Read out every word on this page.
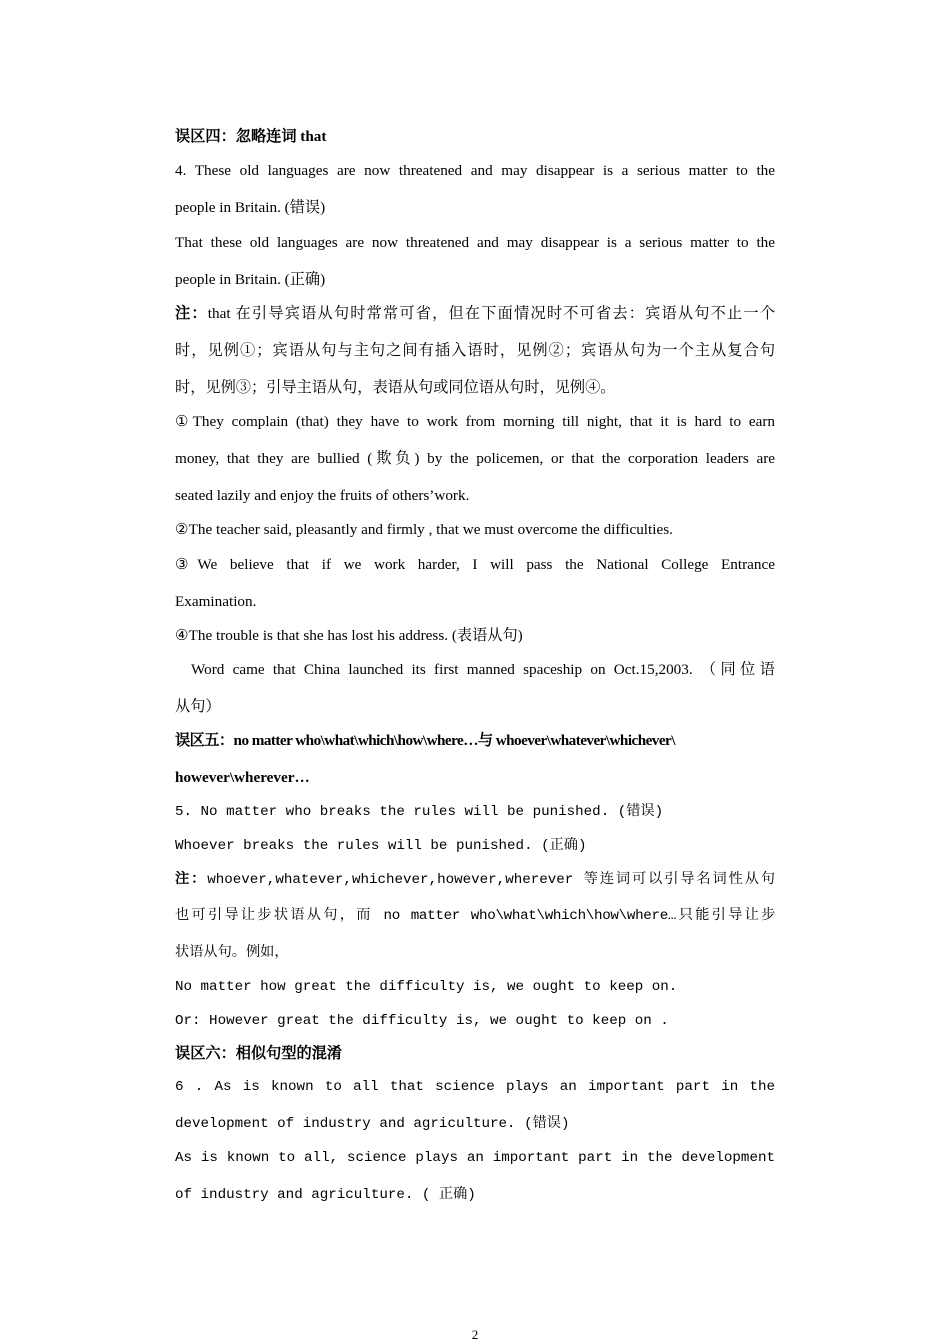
误区四：忽略连词 that
4. These old languages are now threatened and may disappear is a serious matter to the
people in Britain. (错误)
That these old languages are now threatened and may disappear is a serious matter to the
people in Britain. (正确)
注：that 在引导宾语从句时常常可省，但在下面情况时不可省去：宾语从句不止一个
时，见例①；宾语从句与主句之间有插入语时，见例②；宾语从句为一个主从复合句
时，见例③；引导主语从句，表语从句或同位语从句时，见例④。
①They complain (that) they have to work from morning till night, that it is hard to earn
money, that they are bullied (欺负) by the policemen, or that the corporation leaders are
seated lazily and enjoy the fruits of others’work.
②The teacher said, pleasantly and firmly , that we must overcome the difficulties.
③We believe that if we work harder, I will pass the National College Entrance
Examination.
④The trouble is that she has lost his address. (表语从句)
Word came that China launched its first manned spaceship on Oct.15,2003. （同位语
从句）
误区五：no matter who\what\which\how\where…与 whoever\whatever\whichever\
however\wherever…
5. No matter who breaks the rules will be punished. (错误)
Whoever breaks the rules will be punished. (正确)
注：whoever,whatever,whichever,however,wherever 等连词可以引导名词性从句
也可引导让步状语从句，而 no matter who\what\which\how\where…只能引导让步
状语从句。例如，
No matter how great the difficulty is, we ought to keep on.
Or: However great the difficulty is, we ought to keep on .
误区六：相似句型的混淆
6 . As is known to all that science plays an important part in the
development of industry and agriculture. (错误)
As is known to all, science plays an important part in the development
of industry and agriculture. ( 正确)
2
